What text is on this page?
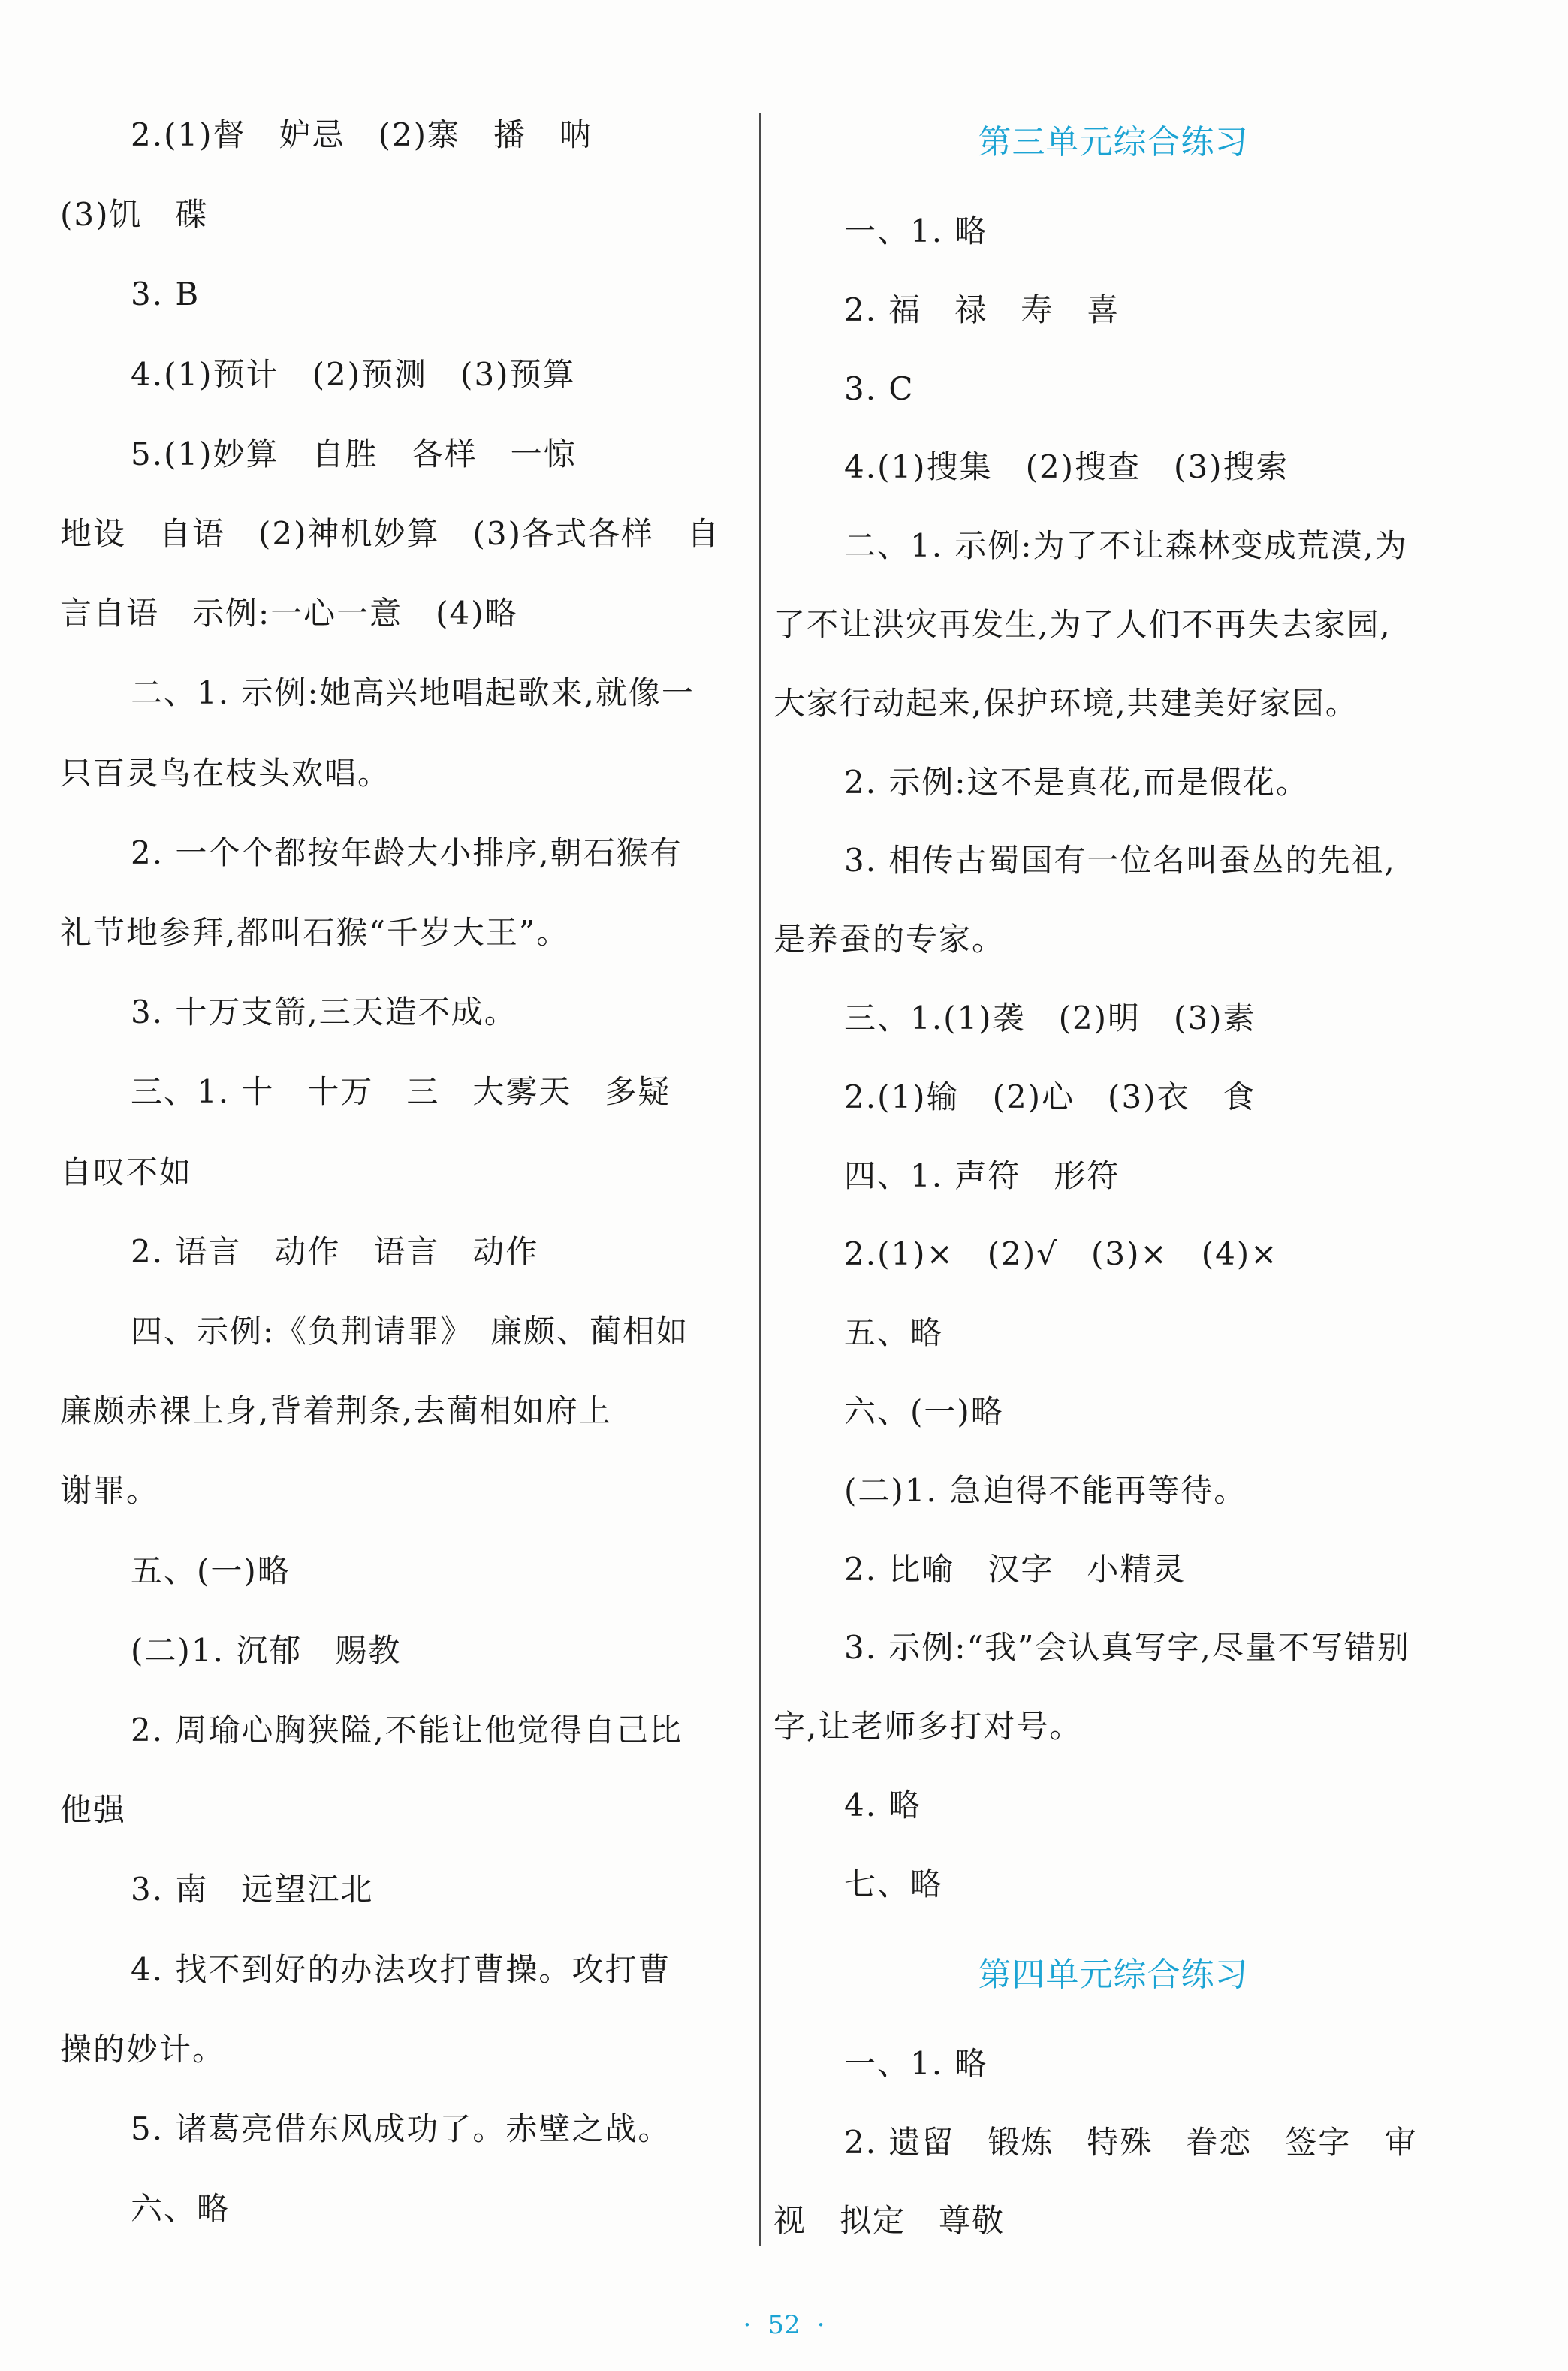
2.(1)督　妒忌　(2)寨　播　呐
(3)饥　碟
3. B
4.(1)预计　(2)预测　(3)预算
5.(1)妙算　自胜　各样　一惊
地设　自语　(2)神机妙算　(3)各式各样　自
言自语　示例:一心一意　(4)略
二、1. 示例:她高兴地唱起歌来,就像一
只百灵鸟在枝头欢唱。
2. 一个个都按年龄大小排序,朝石猴有
礼节地参拜,都叫石猴“千岁大王”。
3. 十万支箭,三天造不成。
三、1. 十　十万　三　大雾天　多疑
自叹不如
2. 语言　动作　语言　动作
四、示例:《负荆请罪》　廉颇、蔺相如
廉颇赤裸上身,背着荆条,去蔺相如府上
谢罪。
五、(一)略
(二)1. 沉郁　赐教
2. 周瑜心胸狭隘,不能让他觉得自己比
他强
3. 南　远望江北
4. 找不到好的办法攻打曹操。攻打曹
操的妙计。
5. 诸葛亮借东风成功了。赤壁之战。
六、略
第三单元综合练习
第四单元综合练习
一、1. 略
2. 福　禄　寿　喜
3. C
4.(1)搜集　(2)搜查　(3)搜索
二、1. 示例:为了不让森林变成荒漠,为
了不让洪灾再发生,为了人们不再失去家园,
大家行动起来,保护环境,共建美好家园。
2. 示例:这不是真花,而是假花。
3. 相传古蜀国有一位名叫蚕丛的先祖,
是养蚕的专家。
三、1.(1)袭　(2)明　(3)素
2.(1)输　(2)心　(3)衣　食
四、1. 声符　形符
2.(1)×　(2)√　(3)×　(4)×
五、略
六、(一)略
(二)1. 急迫得不能再等待。
2. 比喻　汉字　小精灵
3. 示例:“我”会认真写字,尽量不写错别
字,让老师多打对号。
4. 略
七、略
一、1. 略
2. 遗留　锻炼　特殊　眷恋　签字　审
视　拟定　尊敬
· 52 ·
